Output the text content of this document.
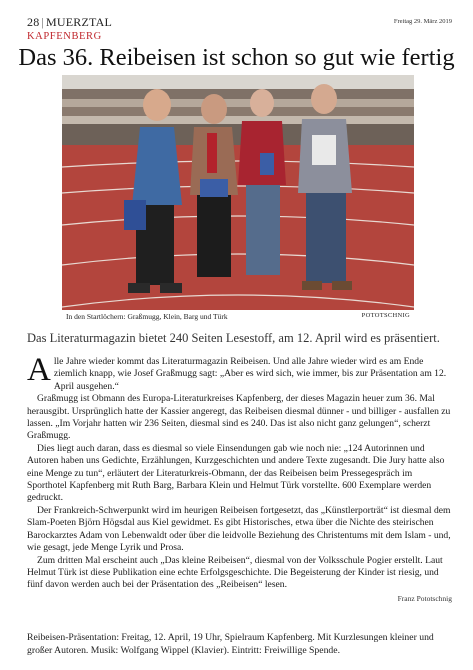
28 | MUERZTAL
KAPFENBERG
Freitag 29. März 2019
Das 36. Reibeisen ist schon so gut wie fertig
In den Startlöchern: Graßmugg, Klein, Barg und Türk	POTOTSCHNIG
Das Literaturmagazin bietet 240 Seiten Lesestoff, am 12. April wird es präsentiert.

Alle Jahre wieder kommt das Literaturmagazin Reibeisen. Und alle Jahre wieder wird es am Ende ziemlich knapp, wie Josef Graßmugg sagt: „Aber es wird sich, wie immer, bis zur Präsentation am 12. April ausgehen.“

Graßmugg ist Obmann des Europa-Literaturkreises Kapfenberg, der dieses Magazin heuer zum 36. Mal herausgibt. Ursprünglich hatte der Kassier angeregt, das Reibeisen diesmal dünner - und billiger - ausfallen zu lassen. „Im Vorjahr hatten wir 236 Seiten, diesmal sind es 240. Das ist also nicht ganz gelungen“, scherzt Graßmugg.

Dies liegt auch daran, dass es diesmal so viele Einsendungen gab wie noch nie: „124 Autorinnen und Autoren haben uns Gedichte, Erzählungen, Kurzgeschichten und andere Texte zugesandt. Die Jury hatte also eine Menge zu tun“, erläutert der Literaturkreis-Obmann, der das Reibeisen beim Pressegespräch im Sporthotel Kapfenberg mit Ruth Barg, Barbara Klein und Helmut Türk vorstellte. 600 Exemplare werden gedruckt.

Der Frankreich-Schwerpunkt wird im heurigen Reibeisen fortgesetzt, das „Künstlerporträt“ ist diesmal dem Slam-Poeten Björn Högsdal aus Kiel gewidmet. Es gibt Historisches, etwa über die Nichte des steirischen Barockarztes Adam von Lebenwaldt oder über die leidvolle Beziehung des Christentums mit dem Islam - und, wie gesagt, jede Menge Lyrik und Prosa.

Zum dritten Mal erscheint auch „Das kleine Reibeisen“, diesmal von der Volksschule Pogier erstellt. Laut Helmut Türk ist diese Publikation eine echte Erfolgsgeschichte. Die Begeisterung der Kinder ist riesig, und fünf davon werden auch bei der Präsentation des „Reibeisen“ lesen.

Franz Pototschnig
Reibeisen-Präsentation: Freitag, 12. April, 19 Uhr, Spielraum Kapfenberg. Mit Kurzlesungen kleiner und großer Autoren. Musik: Wolfgang Wippel (Klavier). Eintritt: Freiwillige Spende.
